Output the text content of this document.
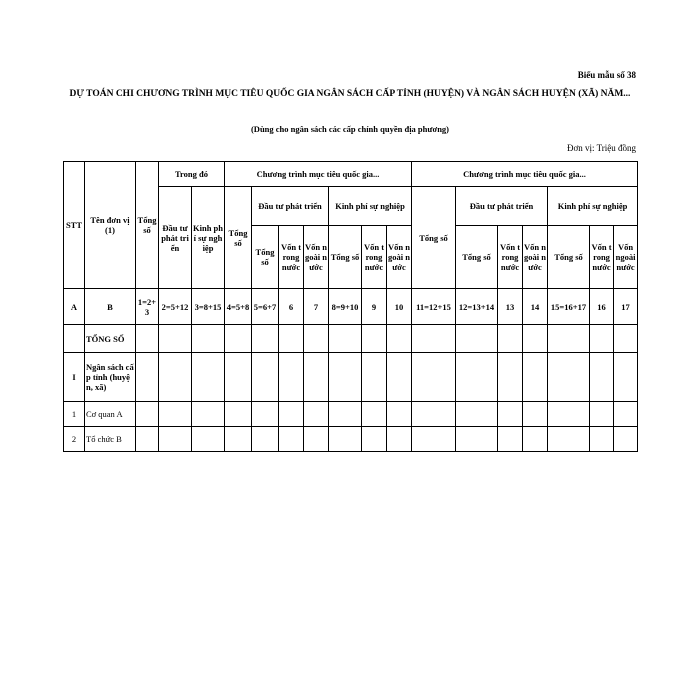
Biểu mẫu số 38
DỰ TOÁN CHI CHƯƠNG TRÌNH MỤC TIÊU QUỐC GIA NGÂN SÁCH CẤP TỈNH (HUYỆN) VÀ NGÂN SÁCH HUYỆN (XÃ) NĂM...
(Dùng cho ngân sách các cấp chính quyền địa phương)
Đơn vị: Triệu đồng
STT	Tên đơn vị (1)	Tổng số	Trong đó		Chương trình mục tiêu quốc gia...							Chương trình mục tiêu quốc gia...						
			Đầu tư phát triển	Kinh phí sự nghiệp	Tổng số	Đầu tư phát triển			Kinh phí sự nghiệp			Tổng số	Đầu tư phát triển			Kinh phí sự nghiệp		
						Tổng số	Vốn trong nước	Vốn ngoài nước	Tổng số	Vốn trong nước	Vốn ngoài nước		Tổng số	Vốn trong nước	Vốn ngoài nước	Tổng số	Vốn trong nước	Vốn ngoài nước
A	B	1=2+3	2=5+12	3=8+15	4=5+8	5=6+7	6	7	8=9+10	9	10	11=12+15	12=13+14	13	14	15=16+17	16	17
	TỔNG SỐ																	
I	Ngân sách cấp tỉnh (huyện, xã)																	
1	Cơ quan A																	
2	Tổ chức B																	
